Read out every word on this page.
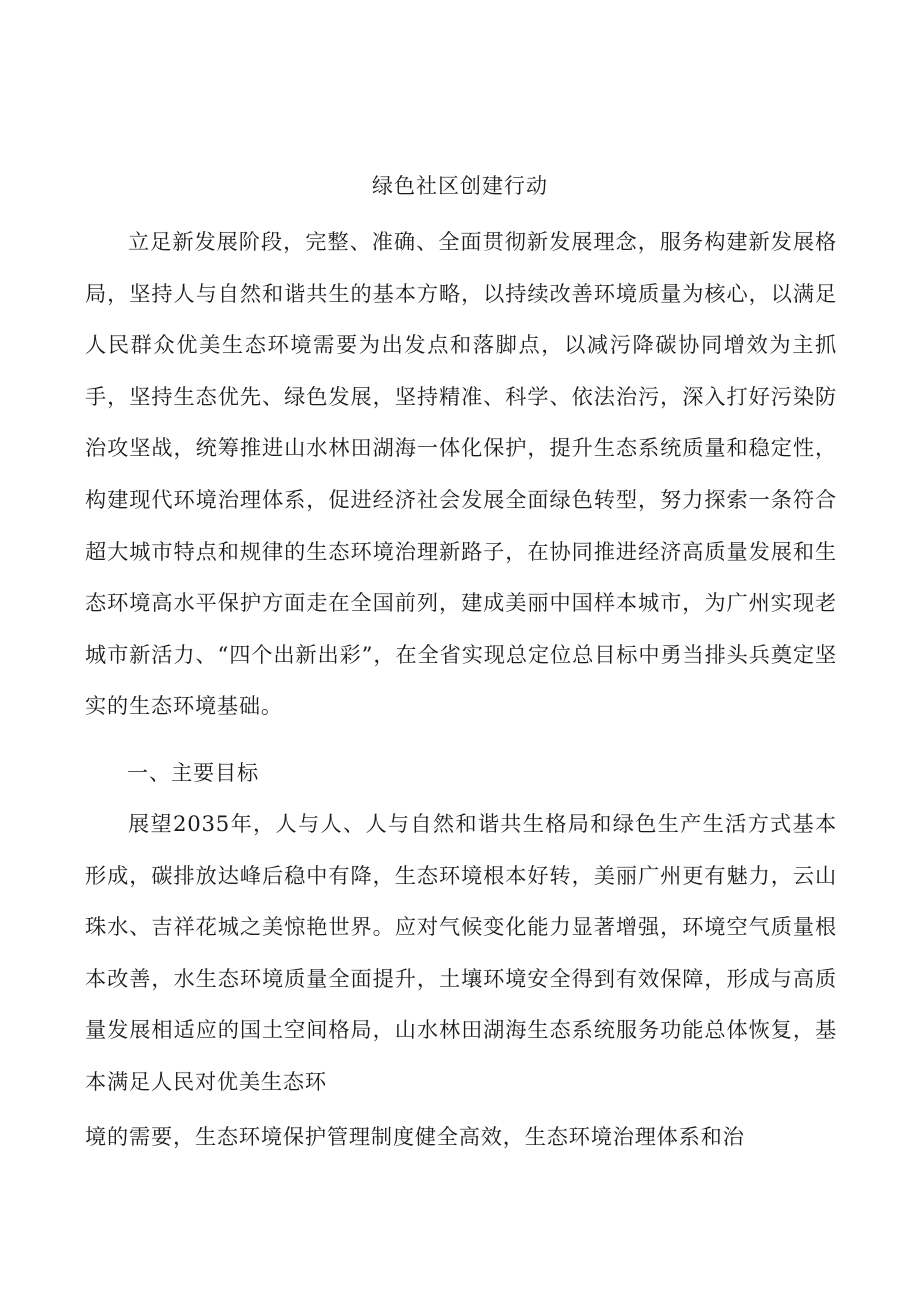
绿色社区创建行动

立足新发展阶段，完整、准确、全面贯彻新发展理念，服务构建新发展格局，坚持人与自然和谐共生的基本方略，以持续改善环境质量为核心，以满足人民群众优美生态环境需要为出发点和落脚点，以减污降碳协同增效为主抓手，坚持生态优先、绿色发展，坚持精准、科学、依法治污，深入打好污染防治攻坚战，统筹推进山水林田湖海一体化保护，提升生态系统质量和稳定性，构建现代环境治理体系，促进经济社会发展全面绿色转型，努力探索一条符合超大城市特点和规律的生态环境治理新路子，在协同推进经济高质量发展和生态环境高水平保护方面走在全国前列，建成美丽中国样本城市，为广州实现老城市新活力、“四个出新出彩”，在全省实现总定位总目标中勇当排头兵奠定坚实的生态环境基础。

一、主要目标

展望2035年，人与人、人与自然和谐共生格局和绿色生产生活方式基本形成，碳排放达峰后稳中有降，生态环境根本好转，美丽广州更有魅力，云山珠水、吉祥花城之美惊艳世界。应对气候变化能力显著增强，环境空气质量根本改善，水生态环境质量全面提升，土壤环境安全得到有效保障，形成与高质量发展相适应的国土空间格局，山水林田湖海生态系统服务功能总体恢复，基本满足人民对优美生态环

境的需要，生态环境保护管理制度健全高效，生态环境治理体系和治
